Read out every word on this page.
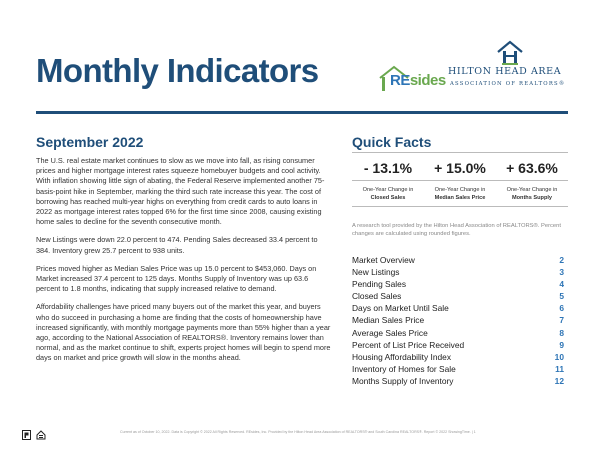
Monthly Indicators	REsides
HILTON HEAD AREA
ASSOCIATION OF REALTORS®
September 2022	Quick Facts

The U.S. real estate market continues to slow as we move into fall, as rising consumer prices and higher mortgage interest rates squeeze homebuyer budgets and cool activity. With inflation showing little sign of abating, the Federal Reserve implemented another 75-basis-point hike in September, marking the third such rate increase this year. The cost of borrowing has reached multi-year highs on everything from credit cards to auto loans in 2022 as mortgage interest rates topped 6% for the first time since 2008, causing existing home sales to decline for the seventh consecutive month.

New Listings were down 22.0 percent to 474. Pending Sales decreased 33.4 percent to 384. Inventory grew 25.7 percent to 938 units.

Prices moved higher as Median Sales Price was up 15.0 percent to $453,060. Days on Market increased 37.4 percent to 125 days. Months Supply of Inventory was up 63.6 percent to 1.8 months, indicating that supply increased relative to demand.

Affordability challenges have priced many buyers out of the market this year, and buyers who do succeed in purchasing a home are finding that the costs of homeownership have increased significantly, with monthly mortgage payments more than 55% higher than a year ago, according to the National Association of REALTORS®. Inventory remains lower than normal, and as the market continue to shift, experts project homes will begin to spend more days on market and price growth will slow in the months ahead.

- 13.1%	+ 15.0%	+ 63.6%
One-Year Change in
Closed Sales
One-Year Change in
Median Sales Price
One-Year Change in
Months Supply
A research tool provided by the Hilton Head Association of REALTORS®. Percent changes are calculated using rounded figures.
Market Overview	2
New Listings	3
Pending Sales	4
Closed Sales	5
Days on Market Until Sale	6
Median Sales Price	7
Average Sales Price	8
Percent of List Price Received	9
Housing Affordability Index	10
Inventory of Homes for Sale	11
Months Supply of Inventory	12
Current as of October 10, 2022. Data is Copyright © 2022 All Rights Reserved. REsides, Inc. Provided by the Hilton Head Area Association of REALTORS® and South Carolina REALTORS®. Report © 2022 ShowingTime. | 1
